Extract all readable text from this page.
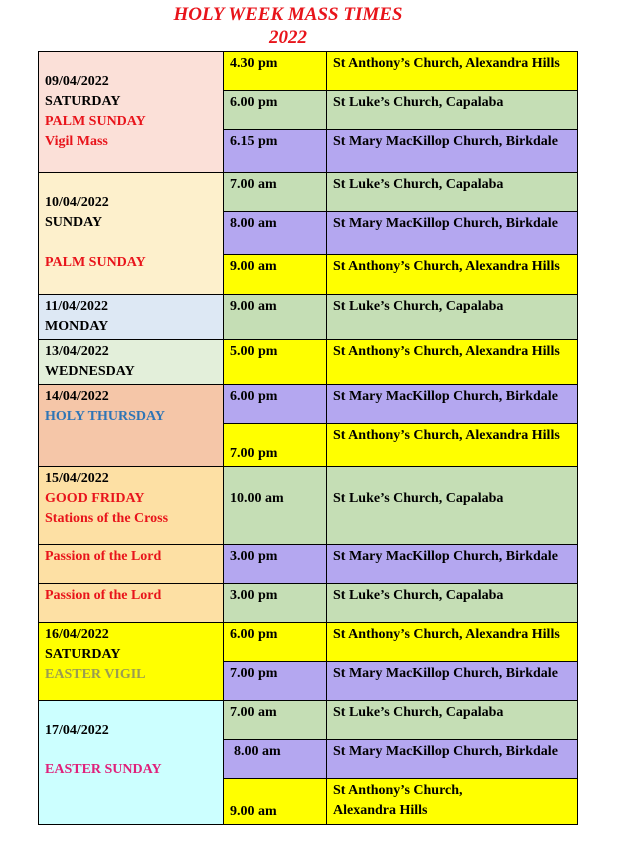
HOLY WEEK MASS TIMES
2022
09/04/2022
SATURDAY
PALM SUNDAY
Vigil Mass	4.30 pm	St Anthony’s Church, Alexandra Hills
	6.00 pm	St Luke’s Church, Capalaba
	6.15 pm	St Mary MacKillop Church, Birkdale

10/04/2022
SUNDAY
PALM SUNDAY	7.00 am	St Luke’s Church, Capalaba
	8.00 am	St Mary MacKillop Church, Birkdale
	9.00 am	St Anthony’s Church, Alexandra Hills

11/04/2022
MONDAY	9.00 am	St Luke’s Church, Capalaba

13/04/2022
WEDNESDAY	5.00 pm	St Anthony’s Church, Alexandra Hills

14/04/2022
HOLY THURSDAY	6.00 pm	St Mary MacKillop Church, Birkdale
	7.00 pm	St Anthony’s Church, Alexandra Hills

15/04/2022
GOOD FRIDAY
Stations of the Cross	10.00 am	St Luke’s Church, Capalaba
Passion of the Lord	3.00 pm	St Mary MacKillop Church, Birkdale
Passion of the Lord	3.00 pm	St Luke’s Church, Capalaba

16/04/2022
SATURDAY
EASTER VIGIL	6.00 pm	St Anthony’s Church, Alexandra Hills
	7.00 pm	St Mary MacKillop Church, Birkdale

17/04/2022
EASTER SUNDAY	7.00 am	St Luke’s Church, Capalaba
	8.00 am	St Mary MacKillop Church, Birkdale
	9.00 am	St Anthony’s Church,
Alexandra Hills
